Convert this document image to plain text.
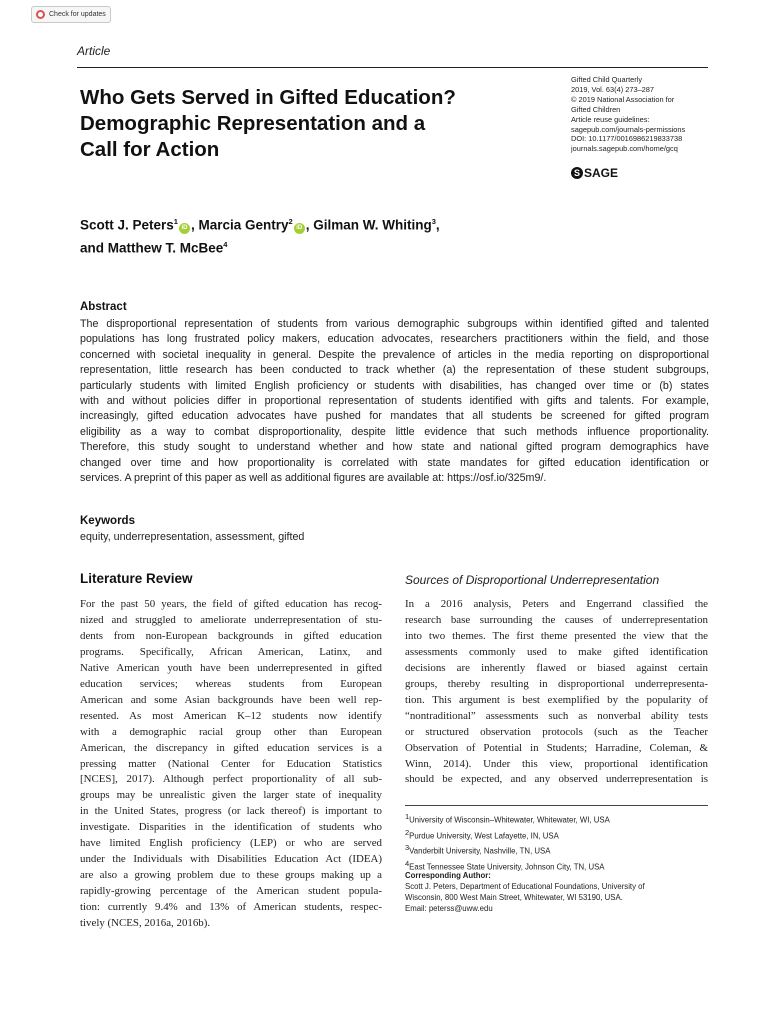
Check for updates
Article
Who Gets Served in Gifted Education?
Demographic Representation and a
Call for Action
Gifted Child Quarterly
2019, Vol. 63(4) 273–287
© 2019 National Association for
Gifted Children
Article reuse guidelines:
sagepub.com/journals-permissions
DOI: 10.1177/0016986219833738
journals.sagepub.com/home/gcq
S SAGE
Scott J. Peters$^1$iD , Marcia Gentry$^2$iD , Gilman W. Whiting$^3$,
and Matthew T. McBee$^4$
Abstract
The disproportional representation of students from various demographic subgroups within identified gifted and talented
populations has long frustrated policy makers, education advocates, researchers practitioners within the field, and those
concerned with societal inequality in general. Despite the prevalence of articles in the media reporting on disproportional
representation, little research has been conducted to track whether (a) the representation of these student subgroups,
particularly students with limited English proficiency or students with disabilities, has changed over time or (b) states
with and without policies differ in proportional representation of students identified with gifts and talents. For example,
increasingly, gifted education advocates have pushed for mandates that all students be screened for gifted program
eligibility as a way to combat disproportionality, despite little evidence that such methods influence proportionality.
Therefore, this study sought to understand whether and how state and national gifted program demographics have
changed over time and how proportionality is correlated with state mandates for gifted education identification or
services. A preprint of this paper as well as additional figures are available at: https://osf.io/325m9/.
Keywords
equity, underrepresentation, assessment, gifted
Literature Review
For the past 50 years, the field of gifted education has recog-
nized and struggled to ameliorate underrepresentation of stu-
dents from non-European backgrounds in gifted education
programs. Specifically, African American, Latinx, and
Native American youth have been underrepresented in gifted
education services; whereas students from European
American and some Asian backgrounds have been well rep-
resented. As most American K–12 students now identify
with a demographic racial group other than European
American, the discrepancy in gifted education services is a
pressing matter (National Center for Education Statistics
[NCES], 2017). Although perfect proportionality of all sub-
groups may be unrealistic given the larger state of inequality
in the United States, progress (or lack thereof) is important to
investigate. Disparities in the identification of students who
have limited English proficiency (LEP) or who are served
under the Individuals with Disabilities Education Act (IDEA)
are also a growing problem due to these groups making up a
rapidly-growing percentage of the American student popula-
tion: currently 9.4% and 13% of American students, respec-
tively (NCES, 2016a, 2016b).
Sources of Disproportional Underrepresentation
In a 2016 analysis, Peters and Engerrand classified the
research base surrounding the causes of underrepresentation
into two themes. The first theme presented the view that the
assessments commonly used to make gifted identification
decisions are inherently flawed or biased against certain
groups, thereby resulting in disproportional underrepresenta-
tion. This argument is best exemplified by the popularity of
“nontraditional” assessments such as nonverbal ability tests
or structured observation protocols (such as the Teacher
Observation of Potential in Students; Harradine, Coleman, &
Winn, 2014). Under this view, proportional identification
should be expected, and any observed underrepresentation is
$^1$University of Wisconsin–Whitewater, Whitewater, WI, USA
$^2$Purdue University, West Lafayette, IN, USA
$^3$Vanderbilt University, Nashville, TN, USA
$^4$East Tennessee State University, Johnson City, TN, USA
Corresponding Author:
Scott J. Peters, Department of Educational Foundations, University of
Wisconsin, 800 West Main Street, Whitewater, WI 53190, USA.
Email: peterss@uww.edu
